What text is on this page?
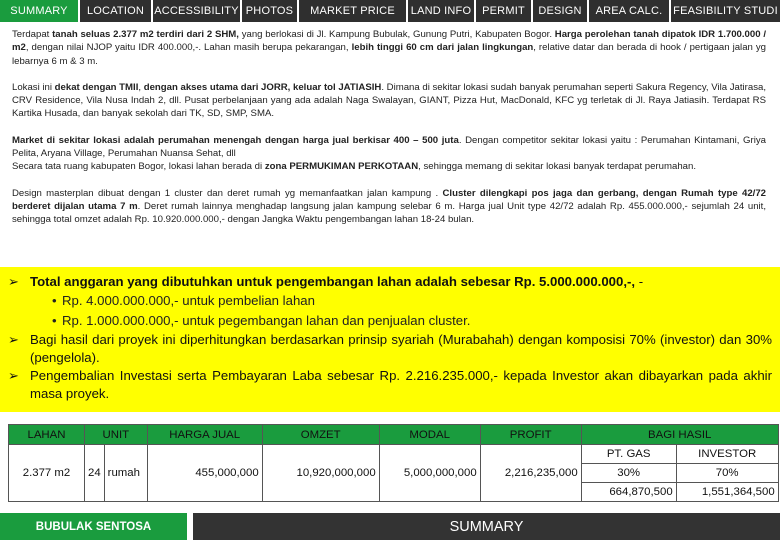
SUMMARY	LOCATION ACCESSIBILITY PHOTOS	MARKET PRICE	LAND INFO PERMIT	DESIGN	AREA CALC. FEASIBILITY STUDI

Terdapat tanah seluas 2.377 m2 terdiri dari 2 SHM, yang berlokasi di Jl. Kampung Bubulak, Gunung Putri, Kabupaten Bogor. Harga perolehan tanah dipatok IDR 1.700.000 / m2, dengan nilai NJOP yaitu IDR 400.000,-. Lahan masih berupa pekarangan, lebih tinggi 60 cm dari jalan lingkungan, relative datar dan berada di hook / pertigaan jalan yg lebarnya 6 m & 3 m.

Lokasi ini dekat dengan TMII, dengan akses utama dari JORR, keluar tol JATIASIH. Dimana di sekitar lokasi sudah banyak perumahan seperti Sakura Regency, Vila Jatirasa, CRV Residence, Vila Nusa Indah 2, dll. Pusat perbelanjaan yang ada adalah Naga Swalayan, GIANT, Pizza Hut, MacDonald, KFC yg terletak di Jl. Raya Jatiasih. Terdapat RS Kartika Husada, dan banyak sekolah dari TK, SD, SMP, SMA.

Market di sekitar lokasi adalah perumahan menengah dengan harga jual berkisar 400 – 500 juta. Dengan competitor sekitar lokasi yaitu : Perumahan Kintamani, Griya Pelita, Aryana Village, Perumahan Nuansa Sehat, dll

Secara tata ruang kabupaten Bogor, lokasi lahan berada di zona PERMUKIMAN PERKOTAAN, sehingga memang di sekitar lokasi banyak terdapat perumahan.

Design masterplan dibuat dengan 1 cluster dan deret rumah yg memanfaatkan jalan kampung . Cluster dilengkapi pos jaga dan gerbang, dengan Rumah type 42/72 berderet dijalan utama 7 m. Deret rumah lainnya menghadap langsung jalan kampung selebar 6 m. Harga jual Unit type 42/72 adalah Rp. 455.000.000,- sejumlah 24 unit, sehingga total omzet adalah Rp. 10.920.000.000,- dengan Jangka Waktu pengembangan lahan 18-24 bulan.

➢ Total anggaran yang dibutuhkan untuk pengembangan lahan adalah sebesar Rp. 5.000.000.000,-, -
• Rp. 4.000.000.000,- untuk pembelian lahan
• Rp. 1.000.000.000,- untuk pegembangan lahan dan penjualan cluster.
➢ Bagi hasil dari proyek ini diperhitungkan berdasarkan prinsip syariah (Murabahah) dengan komposisi 70% (investor) dan 30% (pengelola).
➢ Pengembalian Investasi serta Pembayaran Laba sebesar Rp. 2.216.235.000,- kepada Investor akan dibayarkan pada akhir masa proyek.
LAHAN	UNIT		HARGA JUAL	OMZET	MODAL	PROFIT	BAGI HASIL	
2.377 m2	24	rumah	455,000,000	10,920,000,000	5,000,000,000	2,216,235,000	PT. GAS	INVESTOR
							30%	70%
							664,870,500	1,551,364,500
BUBULAK SENTOSA	SUMMARY
